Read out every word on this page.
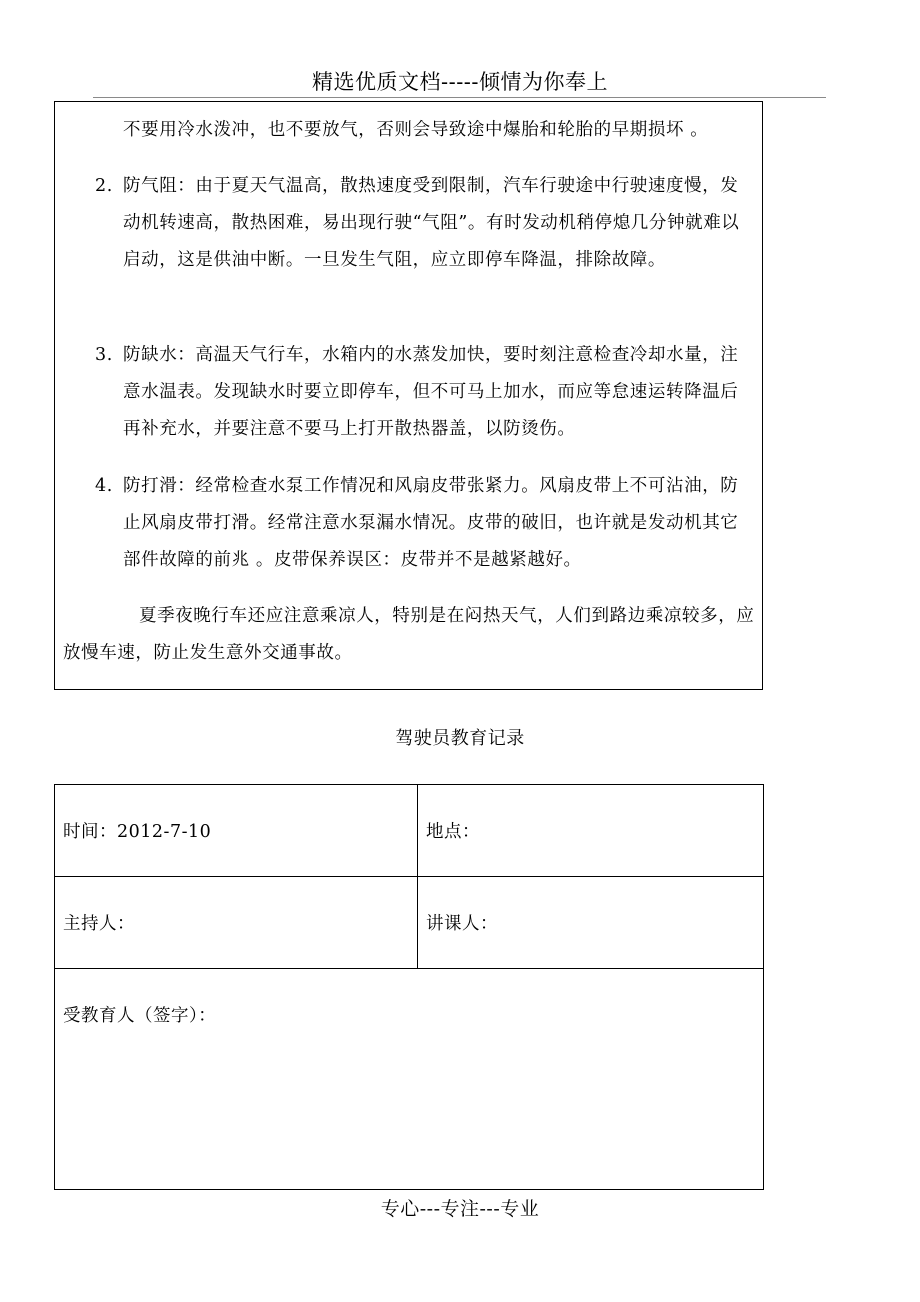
精选优质文档-----倾情为你奉上

不要用冷水泼冲，也不要放气，否则会导致途中爆胎和轮胎的早期损坏 。

2. 防气阻：由于夏天气温高，散热速度受到限制，汽车行驶途中行驶速度慢，发动机转速高，散热困难，易出现行驶“气阻”。有时发动机稍停熄几分钟就难以启动，这是供油中断。一旦发生气阻，应立即停车降温，排除故障。
3. 防缺水：高温天气行车，水箱内的水蒸发加快，要时刻注意检查冷却水量，注意水温表。发现缺水时要立即停车，但不可马上加水，而应等怠速运转降温后再补充水，并要注意不要马上打开散热器盖，以防烫伤。
4. 防打滑：经常检查水泵工作情况和风扇皮带张紧力。风扇皮带上不可沾油，防止风扇皮带打滑。经常注意水泵漏水情况。皮带的破旧，也许就是发动机其它部件故障的前兆 。皮带保养误区：皮带并不是越紧越好。

夏季夜晚行车还应注意乘凉人，特别是在闷热天气，人们到路边乘凉较多，应放慢车速，防止发生意外交通事故。

驾驶员教育记录
时间：2012-7-10	地点：
主持人：	讲课人：
受教育人（签字）：
专心---专注---专业
